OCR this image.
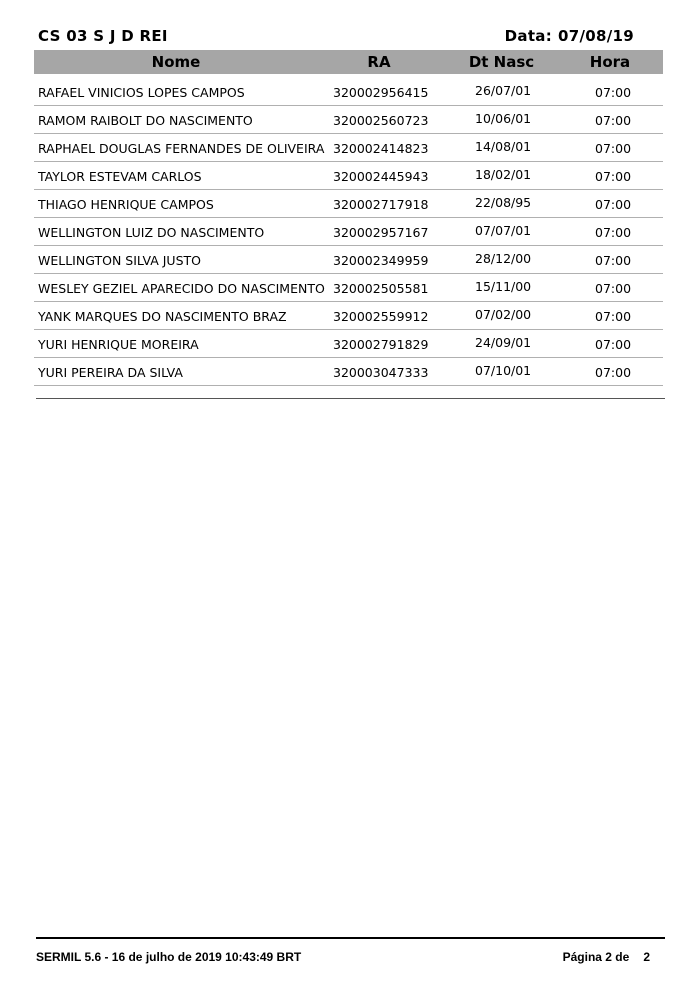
CS 03 S J D REI	Data: 07/08/19
Nome	RA	Dt Nasc	Hora
RAFAEL VINICIOS LOPES CAMPOS	320002956415	26/07/01	07:00
RAMOM RAIBOLT DO NASCIMENTO	320002560723	10/06/01	07:00
RAPHAEL DOUGLAS FERNANDES DE OLIVEIRA 320002414823	14/08/01	07:00
TAYLOR ESTEVAM CARLOS	320002445943	18/02/01	07:00
THIAGO HENRIQUE CAMPOS	320002717918	22/08/95	07:00
WELLINGTON LUIZ DO NASCIMENTO	320002957167	07/07/01	07:00
WELLINGTON SILVA JUSTO	320002349959	28/12/00	07:00
WESLEY GEZIEL APARECIDO DO NASCIMENTO 320002505581	15/11/00	07:00
YANK MARQUES DO NASCIMENTO BRAZ	320002559912	07/02/00	07:00
YURI HENRIQUE MOREIRA	320002791829	24/09/01	07:00
YURI PEREIRA DA SILVA	320003047333	07/10/01	07:00
SERMIL 5.6 - 16 de julho de 2019 10:43:49 BRT	Página 2 de 2
